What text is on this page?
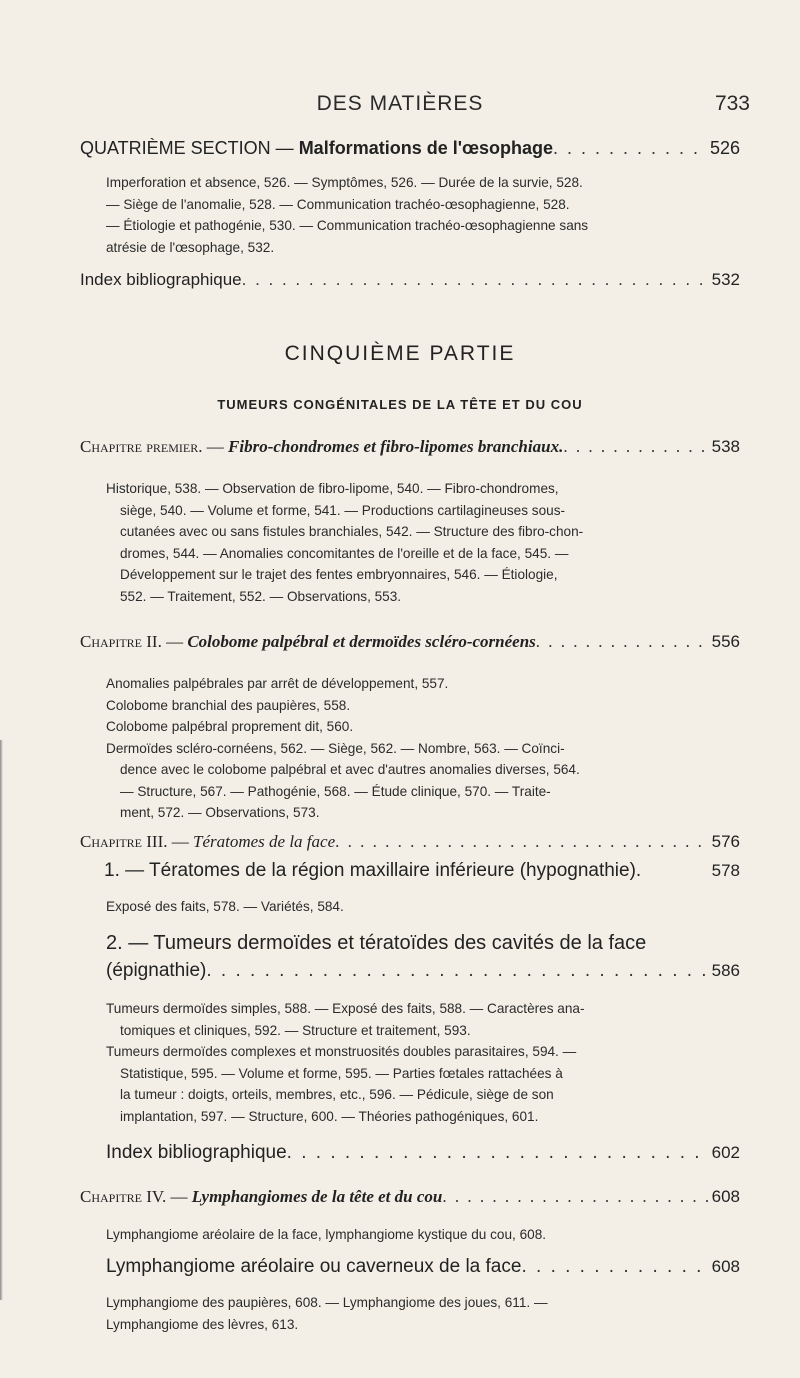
DES MATIÈRES	733
QUATRIÈME SECTION — Malformations de l'œsophage . . .	526

Imperforation et absence, 526. — Symptômes, 526. — Durée de la survie, 528.

— Siège de l'anomalie, 528. — Communication trachéo-œsophagienne, 528.

— Étiologie et pathogénie, 530. — Communication trachéo-œsophagienne sans

atrésie de l'œsophage, 532.

Index bibliographique . . .	532
CINQUIÈME PARTIE
TUMEURS CONGÉNITALES DE LA TÊTE ET DU COU
Chapitre premier. — Fibro-chondromes et fibro-lipomes branchiaux. . . .	538

Historique, 538. — Observation de fibro-lipome, 540. — Fibro-chondromes,

siège, 540. — Volume et forme, 541. — Productions cartilagineuses sous-

cutanées avec ou sans fistules branchiales, 542. — Structure des fibro-chon-

dromes, 544. — Anomalies concomitantes de l'oreille et de la face, 545. —

Développement sur le trajet des fentes embryonnaires, 546. — Étiologie,

552. — Traitement, 552. — Observations, 553.

Chapitre II. — Colobome palpébral et dermoïdes scléro-cornéens . . .	556

Anomalies palpébrales par arrêt de développement, 557.

Colobome branchial des paupières, 558.

Colobome palpébral proprement dit, 560.

Dermoïdes scléro-cornéens, 562. — Siège, 562. — Nombre, 563. — Coïnci-

dence avec le colobome palpébral et avec d'autres anomalies diverses, 564.

— Structure, 567. — Pathogénie, 568. — Étude clinique, 570. — Traite-

ment, 572. — Observations, 573.

Chapitre III. — Tératomes de la face . . .	576
1. — Tératomes de la région maxillaire inférieure (hypognathie).	578

Exposé des faits, 578. — Variétés, 584.

2. — Tumeurs dermoïdes et tératoïdes des cavités de la face
(épignathie) . . .	586

Tumeurs dermoïdes simples, 588. — Exposé des faits, 588. — Caractères ana-

tomiques et cliniques, 592. — Structure et traitement, 593.

Tumeurs dermoïdes complexes et monstruosités doubles parasitaires, 594. —

Statistique, 595. — Volume et forme, 595. — Parties fœtales rattachées à

la tumeur : doigts, orteils, membres, etc., 596. — Pédicule, siège de son

implantation, 597. — Structure, 600. — Théories pathogéniques, 601.

Index bibliographique . . .	602
Chapitre IV. — Lymphangiomes de la tête et du cou . . .	608

Lymphangiome aréolaire de la face, lymphangiome kystique du cou, 608.

Lymphangiome aréolaire ou caverneux de la face . . .	608

Lymphangiome des paupières, 608. — Lymphangiome des joues, 611. —

Lymphangiome des lèvres, 613.
